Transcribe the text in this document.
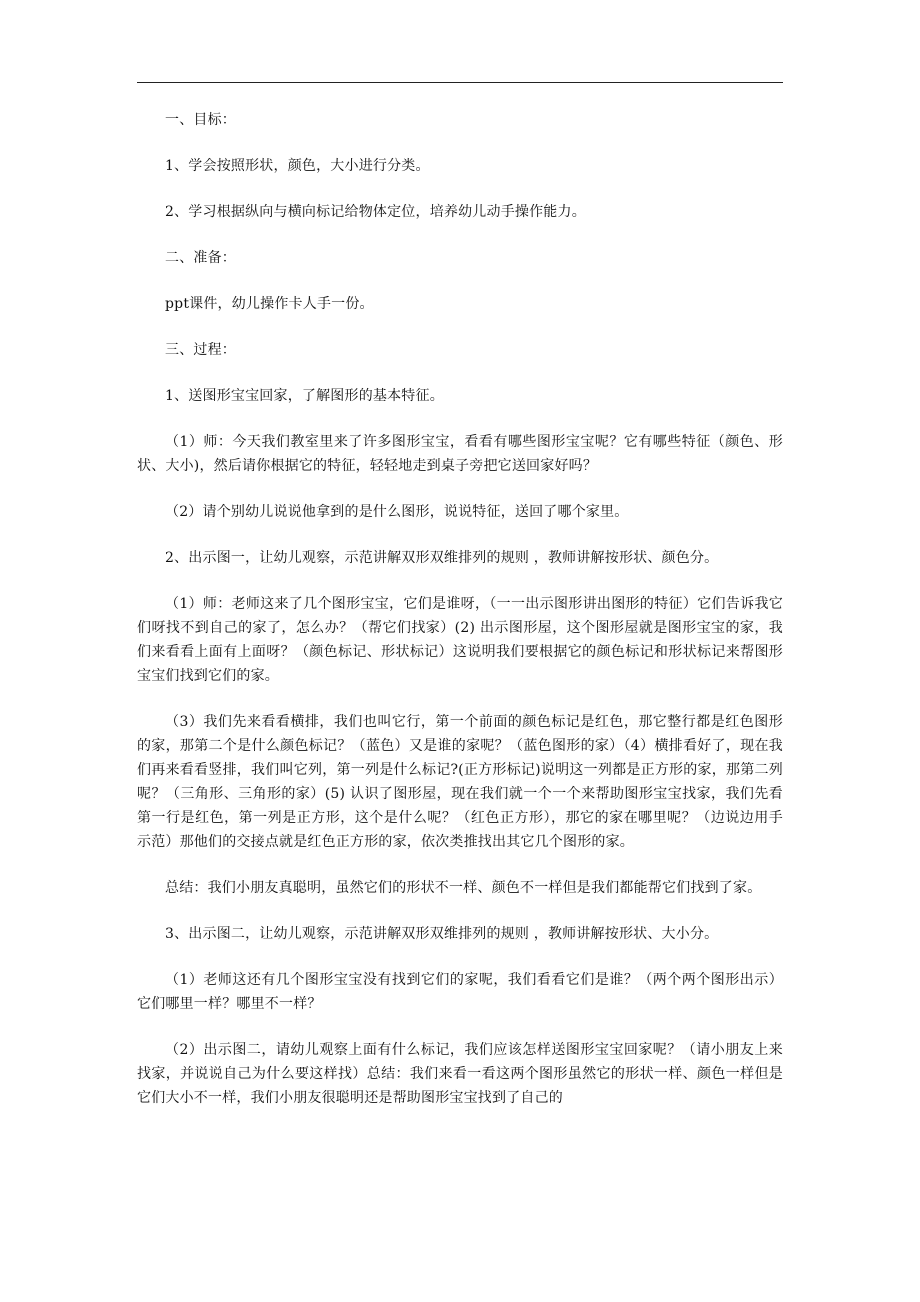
一、目标：

1、学会按照形状，颜色，大小进行分类。

2、学习根据纵向与横向标记给物体定位，培养幼儿动手操作能力。

二、准备：

ppt课件，幼儿操作卡人手一份。

三、过程：

1、送图形宝宝回家，了解图形的基本特征。

（1）师：今天我们教室里来了许多图形宝宝，看看有哪些图形宝宝呢？它有哪些特征（颜色、形状、大小)，然后请你根据它的特征，轻轻地走到桌子旁把它送回家好吗？

（2）请个别幼儿说说他拿到的是什么图形，说说特征，送回了哪个家里。

2、出示图一，让幼儿观察，示范讲解双形双维排列的规则 ，教师讲解按形状、颜色分。

（1）师：老师这来了几个图形宝宝，它们是谁呀，（一一出示图形讲出图形的特征）它们告诉我它们呀找不到自己的家了，怎么办？（帮它们找家）(2) 出示图形屋，这个图形屋就是图形宝宝的家，我们来看看上面有上面呀？（颜色标记、形状标记）这说明我们要根据它的颜色标记和形状标记来帮图形宝宝们找到它们的家。

（3）我们先来看看横排，我们也叫它行，第一个前面的颜色标记是红色，那它整行都是红色图形的家，那第二个是什么颜色标记？（蓝色）又是谁的家呢？（蓝色图形的家）（4）横排看好了，现在我们再来看看竖排，我们叫它列，第一列是什么标记?(正方形标记)说明这一列都是正方形的家，那第二列呢？（三角形、三角形的家）(5) 认识了图形屋，现在我们就一个一个来帮助图形宝宝找家，我们先看第一行是红色，第一列是正方形，这个是什么呢？（红色正方形），那它的家在哪里呢？（边说边用手示范）那他们的交接点就是红色正方形的家，依次类推找出其它几个图形的家。

总结：我们小朋友真聪明，虽然它们的形状不一样、颜色不一样但是我们都能帮它们找到了家。

3、出示图二，让幼儿观察，示范讲解双形双维排列的规则 ，教师讲解按形状、大小分。

（1）老师这还有几个图形宝宝没有找到它们的家呢，我们看看它们是谁？（两个两个图形出示）它们哪里一样？哪里不一样？

（2）出示图二，请幼儿观察上面有什么标记，我们应该怎样送图形宝宝回家呢？（请小朋友上来找家，并说说自己为什么要这样找）总结：我们来看一看这两个图形虽然它的形状一样、颜色一样但是它们大小不一样，我们小朋友很聪明还是帮助图形宝宝找到了自己的
